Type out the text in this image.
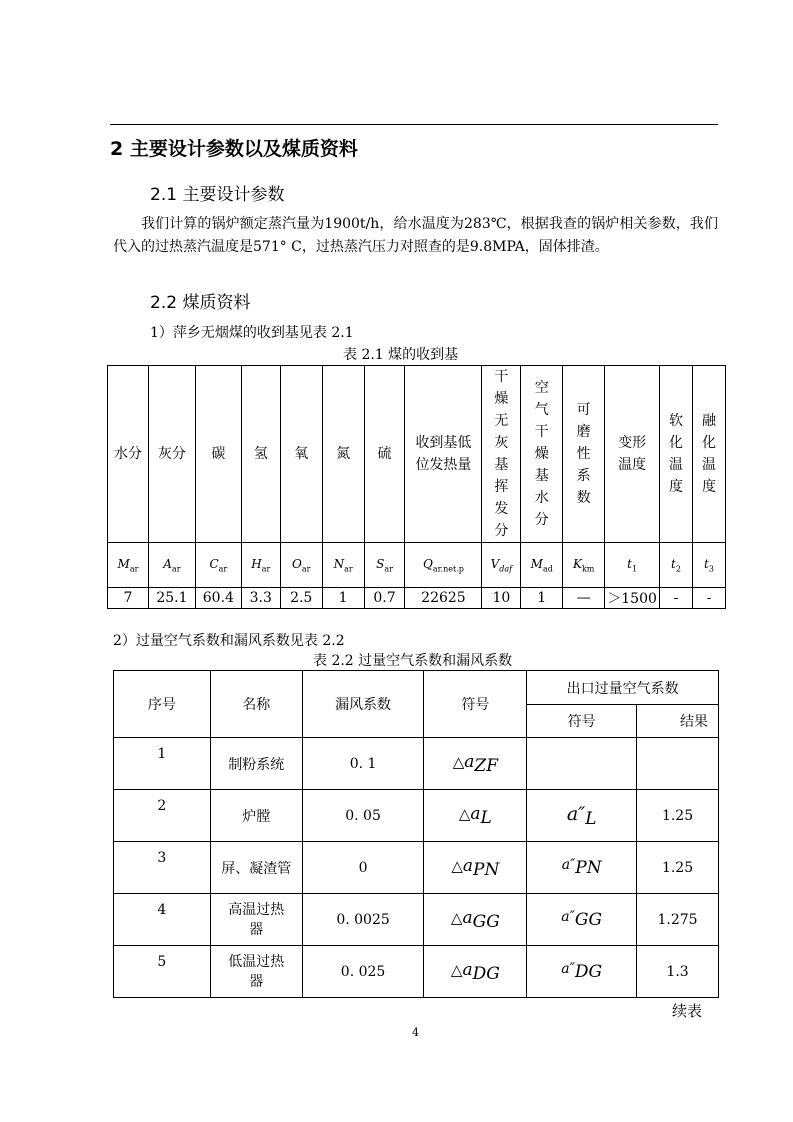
2 主要设计参数以及煤质资料
2.1 主要设计参数
我们计算的锅炉额定蒸汽量为1900t/h，给水温度为283℃，根据我查的锅炉相关参数，我们代入的过热蒸汽温度是571° C，过热蒸汽压力对照查的是9.8MPA，固体排渣。
2.2 煤质资料
1）萍乡无烟煤的收到基见表 2.1
表 2.1 煤的收到基
水分	灰分	碳	氢	氧	氮	硫	收到基低位发热量	干燥无灰基挥发分	空气干燥基水分	可磨性系数	变形温度	软化温度	融化温度
$M_{ar}$	$A_{ar}$	$C_{ar}$	$H_{ar}$	$O_{ar}$	$N_{ar}$	$S_{ar}$	$Q_{ar.net.p}$	$V_{daf}$	$M_{ad}$	$K_{km}$	$t_1$	$t_2$	$t_3$
7	25.1	60.4	3.3	2.5	1	0.7	22625	10	1	—	＞1500	-	-
2）过量空气系数和漏风系数见表 2.2
表 2.2 过量空气系数和漏风系数
序号	名称	漏风系数	符号	出口过量空气系数	
				符号	结果
1	制粉系统	0. 1	$\triangle a_{ZF}$		
2	炉膛	0. 05	$\triangle a_L$	$a''_L$	1.25
3	屏、凝渣管	0	$\triangle a_{PN}$	$a''_{PN}$	1.25
4	高温过热器	0. 0025	$\triangle a_{GG}$	$a''_{GG}$	1.275
5	低温过热器	0. 025	$\triangle a_{DG}$	$a''_{DG}$	1.3
续表
4
